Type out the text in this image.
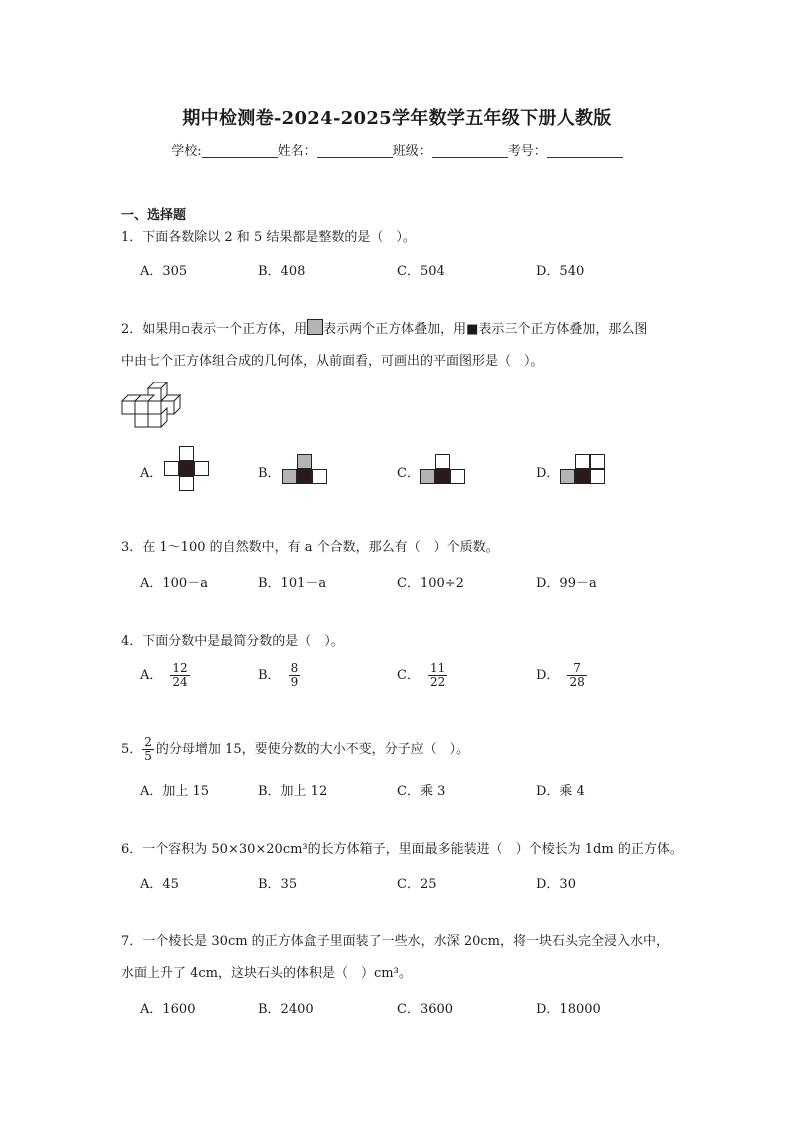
期中检测卷-2024-2025学年数学五年级下册人教版
学校:	姓名：	班级：	考号：
一、选择题
1．下面各数除以 2 和 5 结果都是整数的是（　）。
A．305	B．408	C．504	D．540
2．如果用▫表示一个正方体，用 表示两个正方体叠加，用■表示三个正方体叠加，那么图
中由七个正方体组合成的几何体，从前面看，可画出的平面图形是（　）。
A．	B．	C．	D．
3．在 1～100 的自然数中，有 a 个合数，那么有（　）个质数。
A．100－a	B．101－a	C．100÷2	D．99－a
4．下面分数中是最简分数的是（　）。
A． $\frac{12}{24}$	B． $\frac{8}{9}$	C． $\frac{11}{22}$	D． $\frac{7}{28}$
5． $\frac{2}{5}$ 的分母增加 15，要使分数的大小不变，分子应（　）。
A．加上 15	B．加上 12	C．乘 3	D．乘 4
6．一个容积为 50×30×20cm³的长方体箱子，里面最多能装进（　）个棱长为 1dm 的正方体。
A．45	B．35	C．25	D．30
7．一个棱长是 30cm 的正方体盒子里面装了一些水，水深 20cm，将一块石头完全浸入水中，
水面上升了 4cm，这块石头的体积是（　）cm³。
A．1600	B．2400	C．3600	D．18000
